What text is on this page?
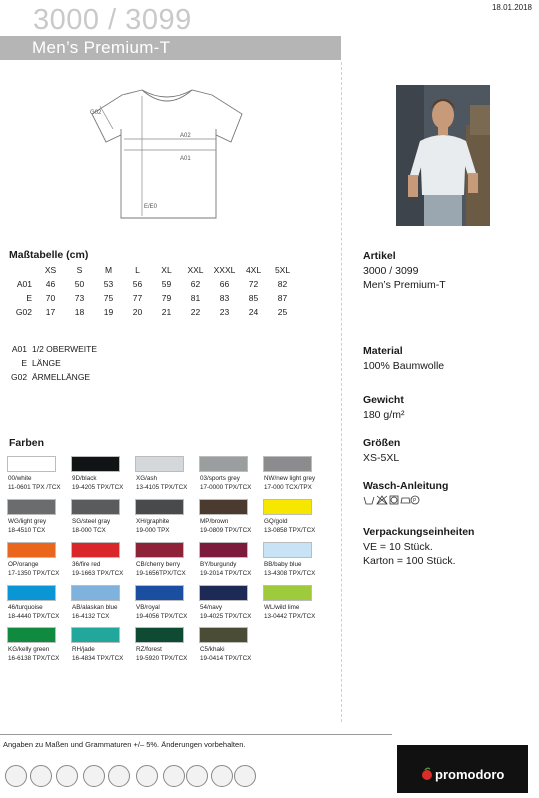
18.01.2018
3000 / 3099
Men’s Premium-T
A02
A01
E/E0
G02
Maßtabelle (cm)
	XS	S	M	L	XL	XXL	XXXL	4XL	5XL
A01	46	50	53	56	59	62	66	72	82
E	70	73	75	77	79	81	83	85	87
G02	17	18	19	20	21	22	23	24	25
A01 1/2 OBERWEITE
E LÄNGE
G02 ÄRMELLÄNGE
Farben
00/white
11-0601 TPX /TCX
9D/black
19-4205 TPX/TCX
XG/ash
13-4105 TPX/TCX
03/sports grey
17-0000 TPX/TCX
NW/new light grey
17-000 TCX/TPX
WG/light grey
18-4510 TCX
SG/steel gray
18-000 TCX
XH/graphite
19-000 TPX
MP/brown
19-0809 TPX/TCX
GQ/gold
13-0858 TPX/TCX
OP/orange
17-1350 TPX/TCX
36/fire red
19-1663 TPX/TCX
CB/cherry berry
19-1656TPX/TCX
BY/burgundy
19-2014 TPX/TCX
BB/baby blue
13-4308 TPX/TCX
46/turquoise
18-4440 TPX/TCX
AB/alaskan blue
16-4132 TCX
VB/royal
19-4056 TPX/TCX
54/navy
19-4025 TPX/TCX
WL/wild lime
13-0442 TPX/TCX
KG/kelly green
16-6138 TPX/TCX
RH/jade
16-4834 TPX/TCX
RZ/forest
19-5920 TPX/TCX
C5/khaki
19-0414 TPX/TCX
Artikel
3000 / 3099
Men’s Premium-T
Material
100% Baumwolle
Gewicht
180 g/m²
Größen
XS-5XL
Wasch-Anleitung
P
Verpackungseinheiten
VE = 10 Stück.
Karton = 100 Stück.
Angaben zu Maßen und Grammaturen +/– 5%. Änderungen vorbehalten.
promodoro
